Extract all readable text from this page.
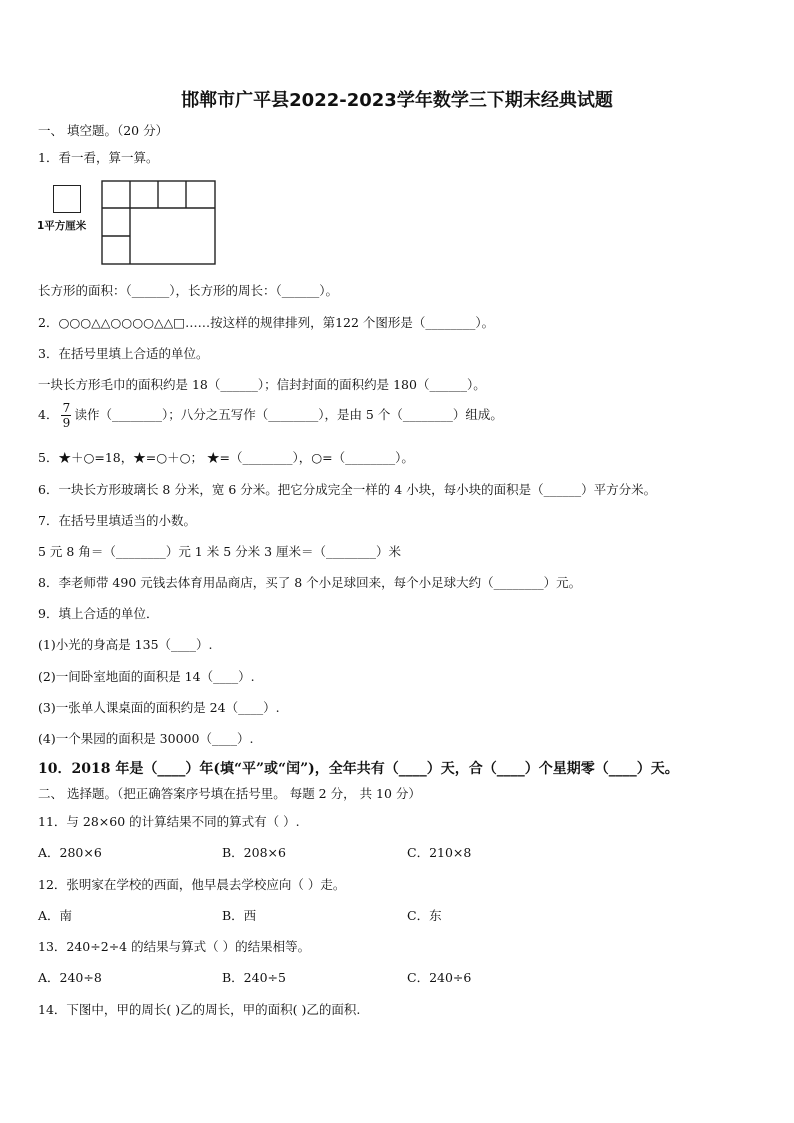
邯郸市广平县2022-2023学年数学三下期末经典试题
一、 填空题。（20 分）
1．看一看，算一算。
1平方厘米
长方形的面积：（______），长方形的周长：（______）。
2．○○○△△○○○○△△□……按这样的规律排列，第122 个图形是（________）。
3．在括号里填上合适的单位。
一块长方形毛巾的面积约是 18（______）；信封封面的面积约是 180（______）。
4． $\frac{7}{9}$ 读作（________）；八分之五写作（________），是由 5 个（________）组成。
5．★＋○=18，★=○＋○； ★=（________），○=（________）。
6．一块长方形玻璃长 8 分米，宽 6 分米。把它分成完全一样的 4 小块，每小块的面积是（______）平方分米。
7．在括号里填适当的小数。
5 元 8 角＝（________）元 1 米 5 分米 3 厘米＝（________）米
8．李老师带 490 元钱去体育用品商店，买了 8 个小足球回来，每个小足球大约（________）元。
9．填上合适的单位．
(1)小光的身高是 135（____）.
(2)一间卧室地面的面积是 14（____）.
(3)一张单人课桌面的面积约是 24（____）.
(4)一个果园的面积是 30000（____）.
10．2018 年是（____）年(填“平”或“闰”)，全年共有（____）天，合（____）个星期零（____）天。
二、 选择题。（把正确答案序号填在括号里。 每题 2 分， 共 10 分）
11．与 28×60 的计算结果不同的算式有（ ）.
A．280×6	B．208×6	C．210×8
12．张明家在学校的西面，他早晨去学校应向（ ）走。
A．南	B．西	C．东
13．240÷2÷4 的结果与算式（ ）的结果相等。
A．240÷8	B．240÷5	C．240÷6
14．下图中，甲的周长( )乙的周长，甲的面积( )乙的面积.
